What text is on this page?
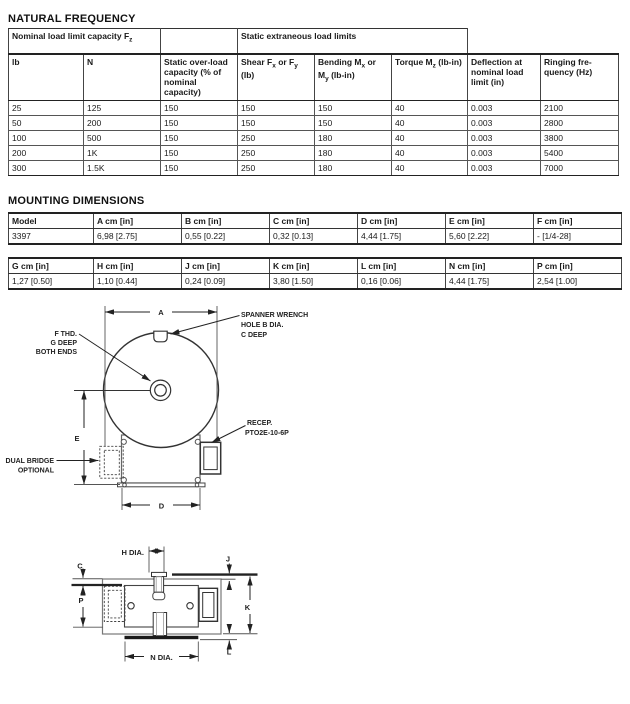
NATURAL FREQUENCY
Nominal load limit capacity $F_z$			Static extraneous load limits				
lb	N	Static over-load capacity (% of nominal capacity)	Shear $F_x$ or $F_y$ (lb)	Bending $M_x$ or $M_y$ (lb-in)	Torque $M_z$ (lb-in)	Deflection at nominal load limit (in)	Ringing fre-quency (Hz)
25	125	150	150	150	40	0.003	2100
50	200	150	150	150	40	0.003	2800
100	500	150	250	180	40	0.003	3800
200	1K	150	250	180	40	0.003	5400
300	1.5K	150	250	180	40	0.003	7000
MOUNTING DIMENSIONS
Model	A cm [in]	B cm [in]	C cm [in]	D cm [in]	E cm [in]	F cm [in]
3397	6,98 [2.75]	0,55 [0.22]	0,32 [0.13]	4,44 [1.75]	5,60 [2.22]	- [1/4-28]
G cm [in]	H cm [in]	J cm [in]	K cm [in]	L cm [in]	N cm [in]	P cm [in]
1,27 [0.50]	1,10 [0.44]	0,24 [0.09]	3,80 [1.50]	0,16 [0.06]	4,44 [1.75]	2,54 [1.00]
A
E
D
F THD.
G DEEP
BOTH ENDS
SPANNER WRENCH
HOLE B DIA.
C DEEP
RECEP.
PTO2E-10-6P
DUAL BRIDGE
OPTIONAL
H DIA.
C
P
J
K
L
N DIA.
